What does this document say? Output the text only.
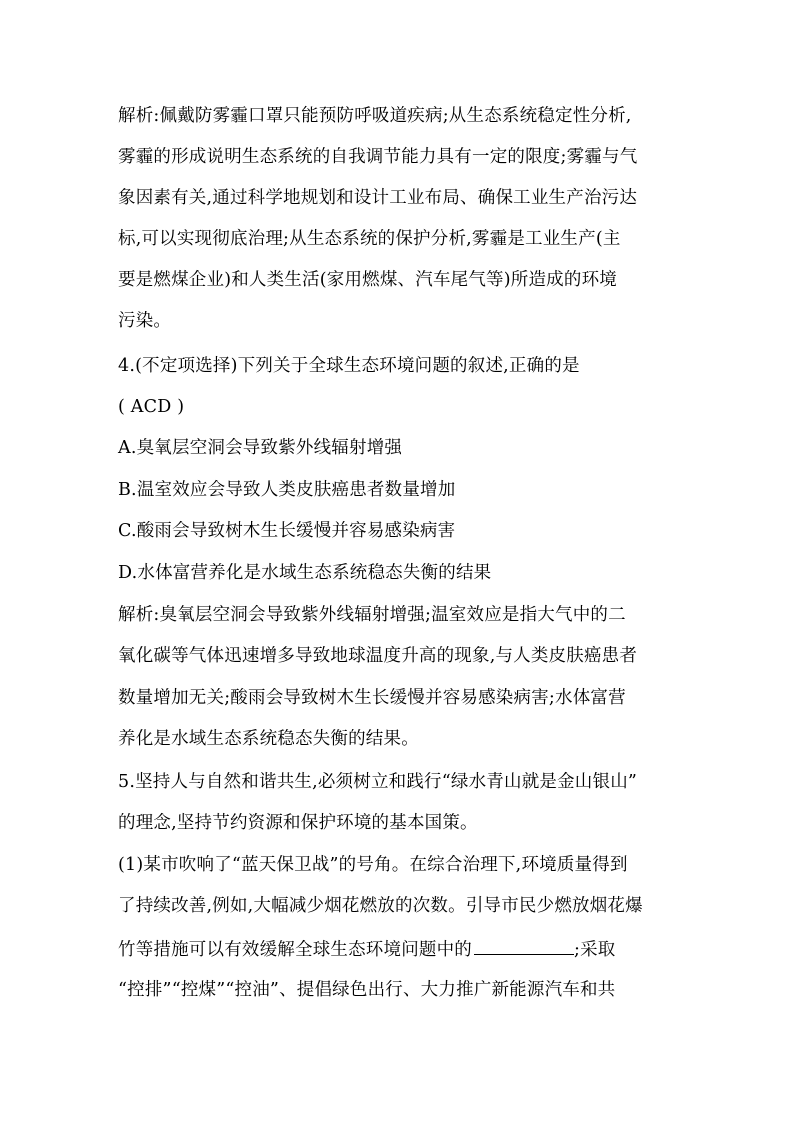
解析:佩戴防雾霾口罩只能预防呼吸道疾病;从生态系统稳定性分析,
雾霾的形成说明生态系统的自我调节能力具有一定的限度;雾霾与气
象因素有关,通过科学地规划和设计工业布局、确保工业生产治污达
标,可以实现彻底治理;从生态系统的保护分析,雾霾是工业生产(主
要是燃煤企业)和人类生活(家用燃煤、汽车尾气等)所造成的环境
污染。
4.(不定项选择)下列关于全球生态环境问题的叙述,正确的是
( ACD )
A.臭氧层空洞会导致紫外线辐射增强
B.温室效应会导致人类皮肤癌患者数量增加
C.酸雨会导致树木生长缓慢并容易感染病害
D.水体富营养化是水域生态系统稳态失衡的结果
解析:臭氧层空洞会导致紫外线辐射增强;温室效应是指大气中的二
氧化碳等气体迅速增多导致地球温度升高的现象,与人类皮肤癌患者
数量增加无关;酸雨会导致树木生长缓慢并容易感染病害;水体富营
养化是水域生态系统稳态失衡的结果。
5.坚持人与自然和谐共生,必须树立和践行“绿水青山就是金山银山”
的理念,坚持节约资源和保护环境的基本国策。
(1)某市吹响了“蓝天保卫战”的号角。在综合治理下,环境质量得到
了持续改善,例如,大幅减少烟花燃放的次数。引导市民少燃放烟花爆
竹等措施可以有效缓解全球生态环境问题中的	;采取
“控排”“控煤”“控油”、提倡绿色出行、大力推广新能源汽车和共
